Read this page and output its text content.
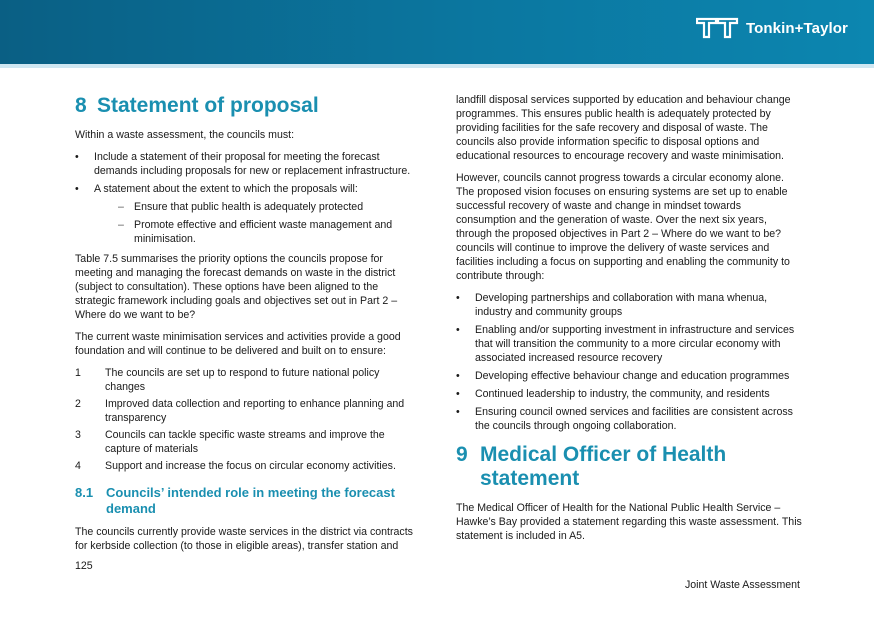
Tonkin+Taylor
8 Statement of proposal

Within a waste assessment, the councils must:

• Include a statement of their proposal for meeting the forecast demands including proposals for new or replacement infrastructure.
• A statement about the extent to which the proposals will:
– Ensure that public health is adequately protected
– Promote effective and efficient waste management and minimisation.

Table 7.5 summarises the priority options the councils propose for meeting and managing the forecast demands on waste in the district (subject to consultation). These options have been aligned to the strategic framework including goals and objectives set out in Part 2 – Where do we want to be?

The current waste minimisation services and activities provide a good foundation and will continue to be delivered and built on to ensure:

1	The councils are set up to respond to future national policy changes
2	Improved data collection and reporting to enhance planning and transparency
3	Councils can tackle specific waste streams and improve the capture of materials
4	Support and increase the focus on circular economy activities.
8.1 Councils’ intended role in meeting the forecast demand

The councils currently provide waste services in the district via contracts for kerbside collection (to those in eligible areas), transfer station and

landfill disposal services supported by education and behaviour change programmes. This ensures public health is adequately protected by providing facilities for the safe recovery and disposal of waste. The councils also provide information specific to disposal options and educational resources to encourage recovery and waste minimisation.

However, councils cannot progress towards a circular economy alone. The proposed vision focuses on ensuring systems are set up to enable successful recovery of waste and change in mindset towards consumption and the generation of waste. Over the next six years, through the proposed objectives in Part 2 – Where do we want to be? councils will continue to improve the delivery of waste services and facilities including a focus on supporting and enabling the community to contribute through:

• Developing partnerships and collaboration with mana whenua, industry and community groups
• Enabling and/or supporting investment in infrastructure and services that will transition the community to a more circular economy with associated increased resource recovery
• Developing effective behaviour change and education programmes
• Continued leadership to industry, the community, and residents
• Ensuring council owned services and facilities are consistent across the councils through ongoing collaboration.
9 Medical Officer of Health statement

The Medical Officer of Health for the National Public Health Service – Hawke’s Bay provided a statement regarding this waste assessment. This statement is included in A5.

125
Joint Waste Assessment
